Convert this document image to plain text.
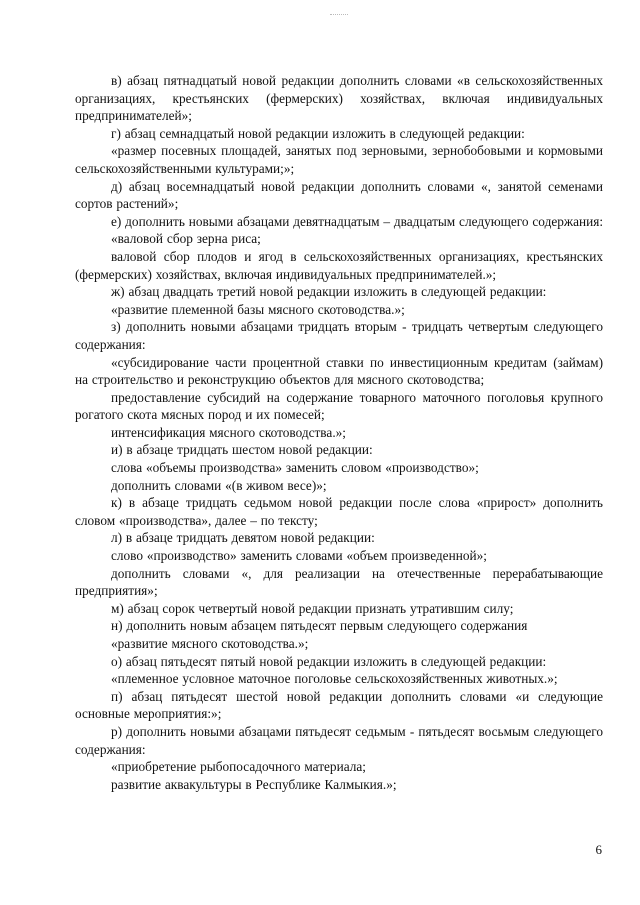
в) абзац пятнадцатый новой редакции дополнить словами «в сельскохозяйственных организациях, крестьянских (фермерских) хозяйствах, включая индивидуальных предпринимателей»;

г) абзац семнадцатый новой редакции изложить в следующей редакции:

«размер посевных площадей, занятых под зерновыми, зернобобовыми и кормовыми сельскохозяйственными культурами;»;

д) абзац восемнадцатый новой редакции дополнить словами «, занятой семенами сортов растений»;

е) дополнить новыми абзацами девятнадцатым – двадцатым следующего содержания:

«валовой сбор зерна риса;

валовой сбор плодов и ягод в сельскохозяйственных организациях, крестьянских (фермерских) хозяйствах, включая индивидуальных предпринимателей.»;

ж) абзац двадцать третий новой редакции изложить в следующей редакции:

«развитие племенной базы мясного скотоводства.»;

з) дополнить новыми абзацами тридцать вторым - тридцать четвертым следующего содержания:

«субсидирование части процентной ставки по инвестиционным кредитам (займам) на строительство и реконструкцию объектов для мясного скотоводства;

предоставление субсидий на содержание товарного маточного поголовья крупного рогатого скота мясных пород и их помесей;

интенсификация мясного скотоводства.»;

и) в абзаце тридцать шестом новой редакции:

слова «объемы производства» заменить словом «производство»;

дополнить словами «(в живом весе)»;

к) в абзаце тридцать седьмом новой редакции после слова «прирост» дополнить словом «производства», далее – по тексту;

л) в абзаце тридцать девятом новой редакции:

слово «производство» заменить словами «объем произведенной»;

дополнить словами «, для реализации на отечественные перерабатывающие предприятия»;

м) абзац сорок четвертый новой редакции признать утратившим силу;

н) дополнить новым абзацем пятьдесят первым следующего содержания

«развитие мясного скотоводства.»;

о) абзац пятьдесят пятый новой редакции изложить в следующей редакции:

«племенное условное маточное поголовье сельскохозяйственных животных.»;

п) абзац пятьдесят шестой новой редакции дополнить словами «и следующие основные мероприятия:»;

р) дополнить новыми абзацами пятьдесят седьмым - пятьдесят восьмым следующего содержания:

«приобретение рыбопосадочного материала;

развитие аквакультуры в Республике Калмыкия.»;

6
